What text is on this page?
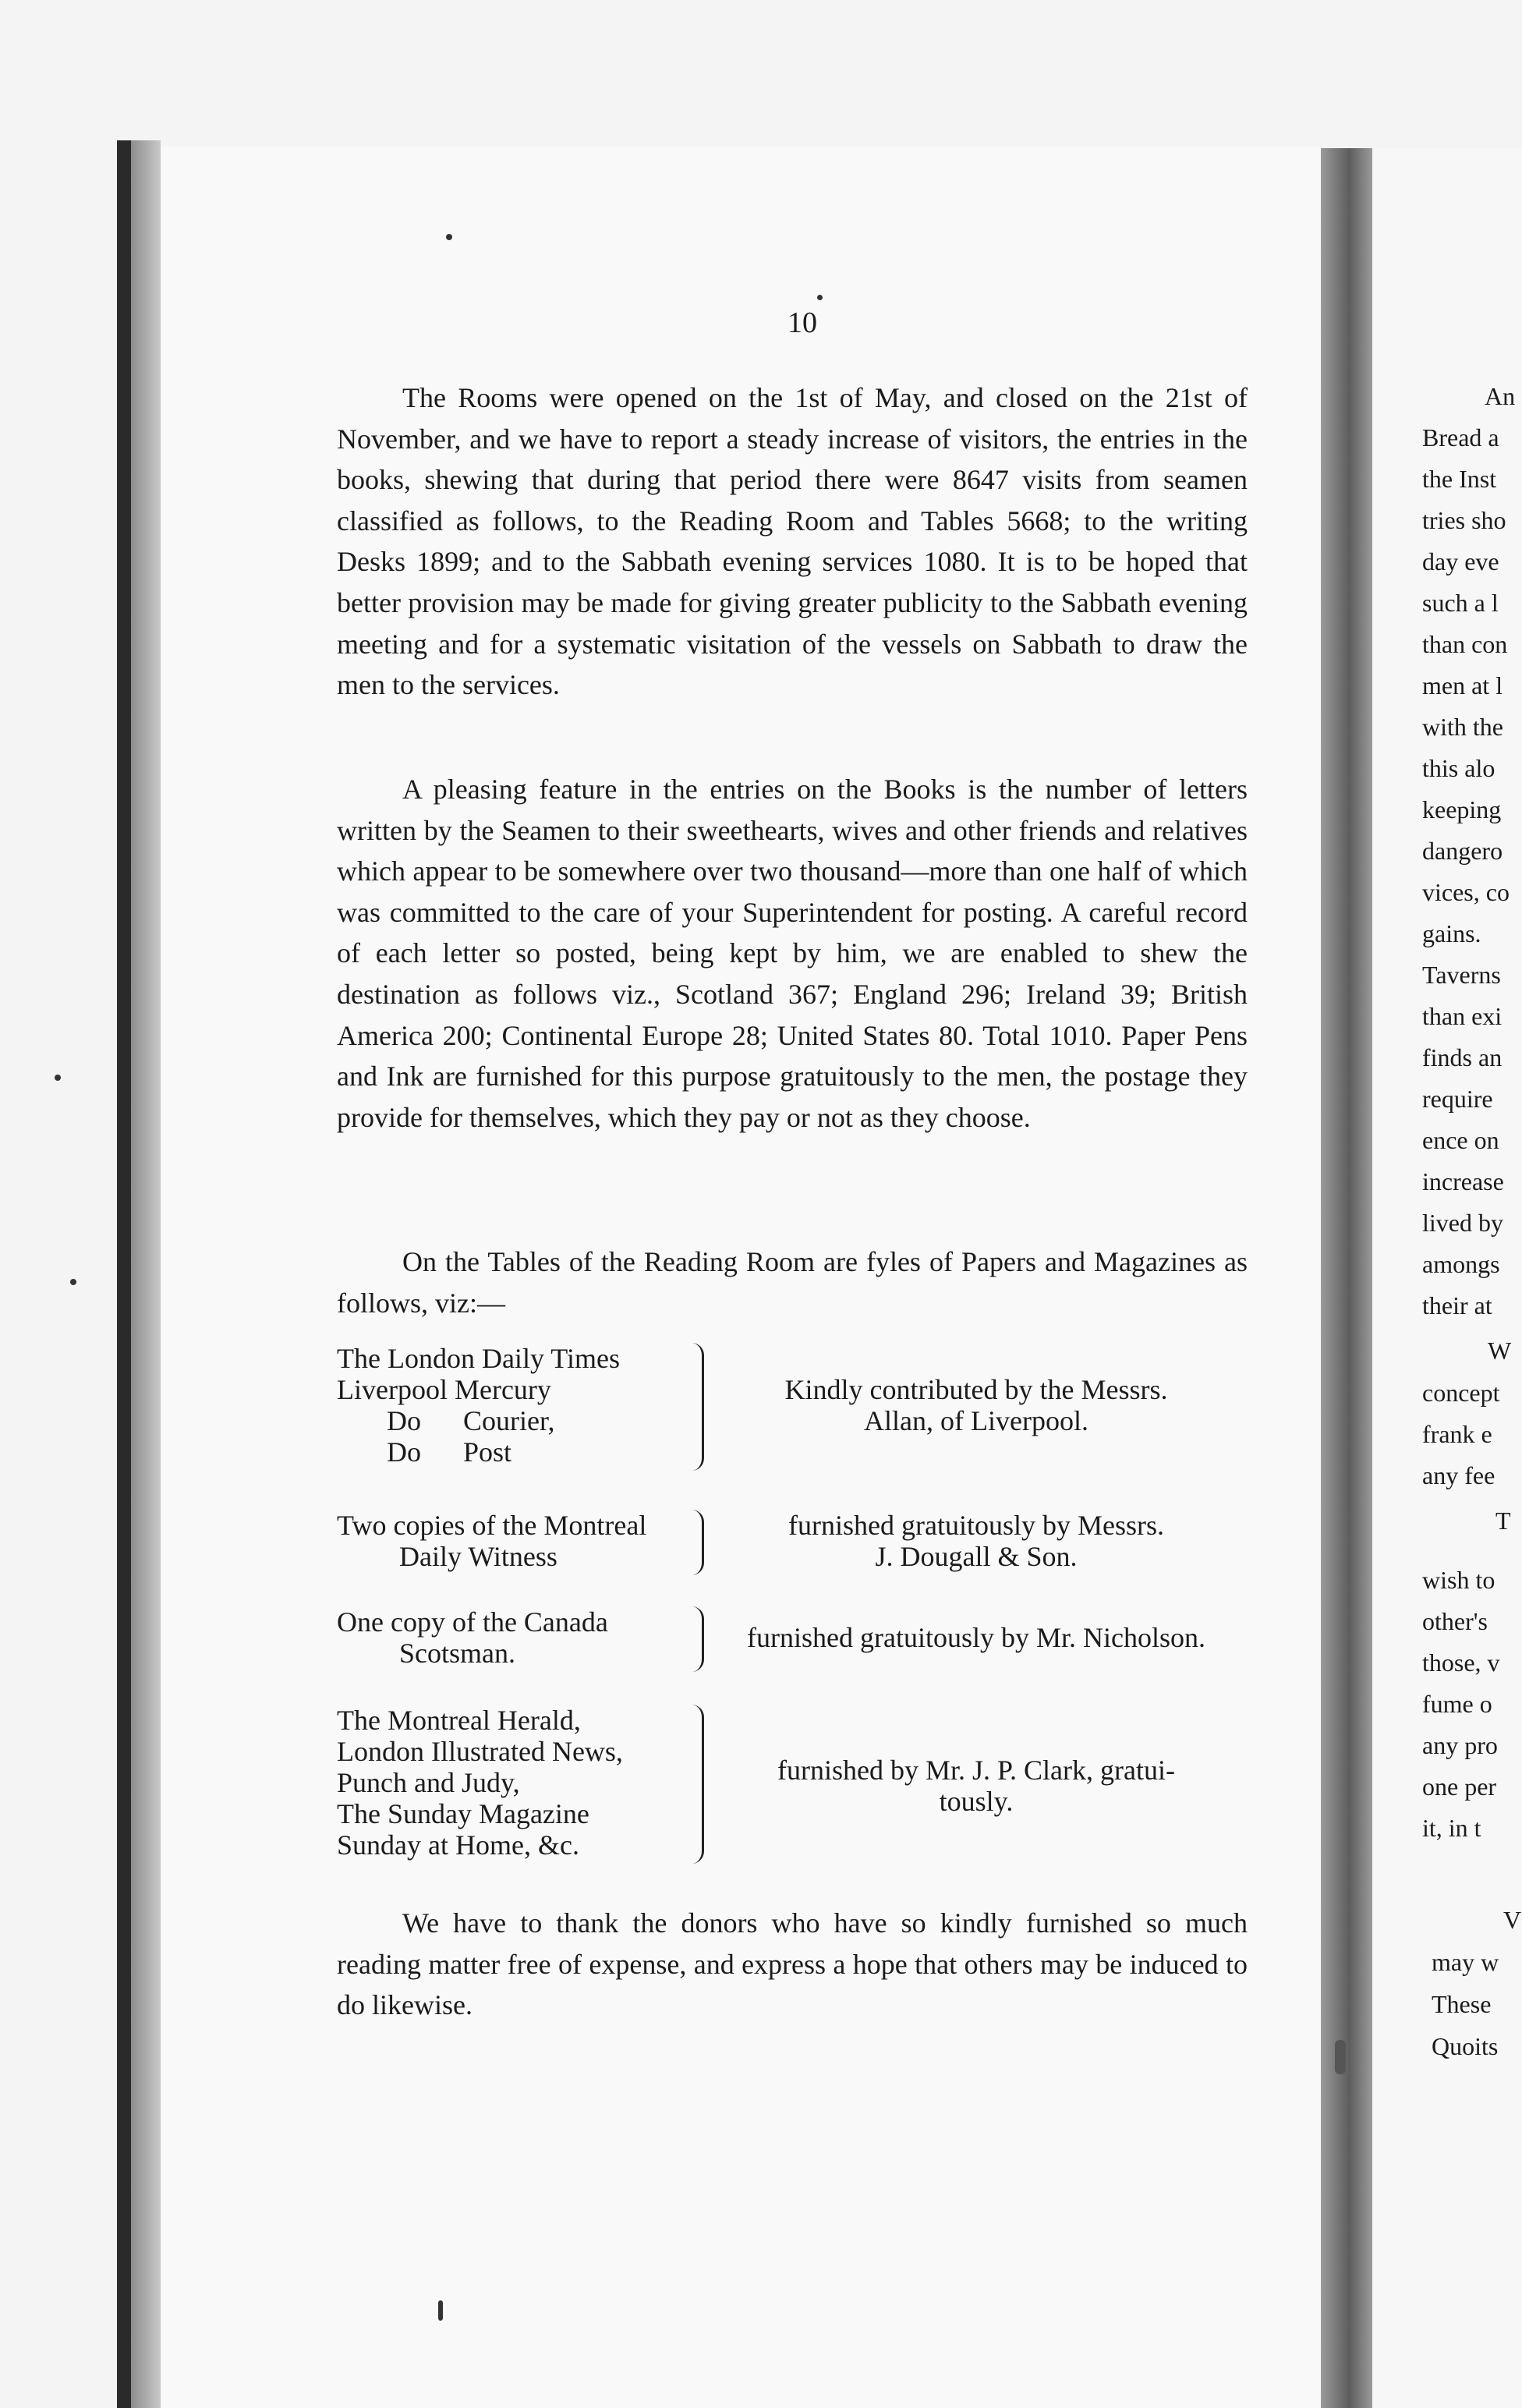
An
Bread a
the Inst
tries sho
day eve
such a l
than con
men at l
with the
this alo
keeping
dangero
vices, co
gains.
Taverns
than exi
finds an
require
ence on
increase
lived by
amongs
their at
W
concept
frank e
any fee
T
wish to
other's
those, v
fume o
any pro
one per
it, in t
V
may w
These
Quoits
10

The Rooms were opened on the 1st of May, and closed on the 21st of November, and we have to report a steady increase of visitors, the entries in the books, shewing that during that period there were 8647 visits from seamen classified as follows, to the Reading Room and Tables 5668; to the writing Desks 1899; and to the Sabbath evening services 1080. It is to be hoped that better provision may be made for giving greater publicity to the Sabbath evening meeting and for a systematic visitation of the vessels on Sabbath to draw the men to the services.

A pleasing feature in the entries on the Books is the number of letters written by the Seamen to their sweethearts, wives and other friends and relatives which appear to be somewhere over two thousand—more than one half of which was committed to the care of your Superintendent for posting. A careful record of each letter so posted, being kept by him, we are enabled to shew the destination as follows viz., Scotland 367; England 296; Ireland 39; British America 200; Continental Europe 28; United States 80. Total 1010. Paper Pens and Ink are furnished for this purpose gratuitously to the men, the postage they provide for themselves, which they pay or not as they choose.

On the Tables of the Reading Room are fyles of Papers and Magazines as follows, viz:—

The London Daily Times
Liverpool Mercury
Do      Courier,
Do      Post
Kindly contributed by the Messrs.
Allan, of Liverpool.
Two copies of the Montreal
Daily Witness
furnished gratuitously by Messrs.
J. Dougall & Son.
One copy of the Canada
Scotsman.	furnished gratuitously by Mr. Nicholson.
The Montreal Herald,
London Illustrated News,
Punch and Judy,
The Sunday Magazine
Sunday at Home, &c.
furnished by Mr. J. P. Clark, gratui-
tously.

We have to thank the donors who have so kindly furnished so much reading matter free of expense, and express a hope that others may be induced to do likewise.
